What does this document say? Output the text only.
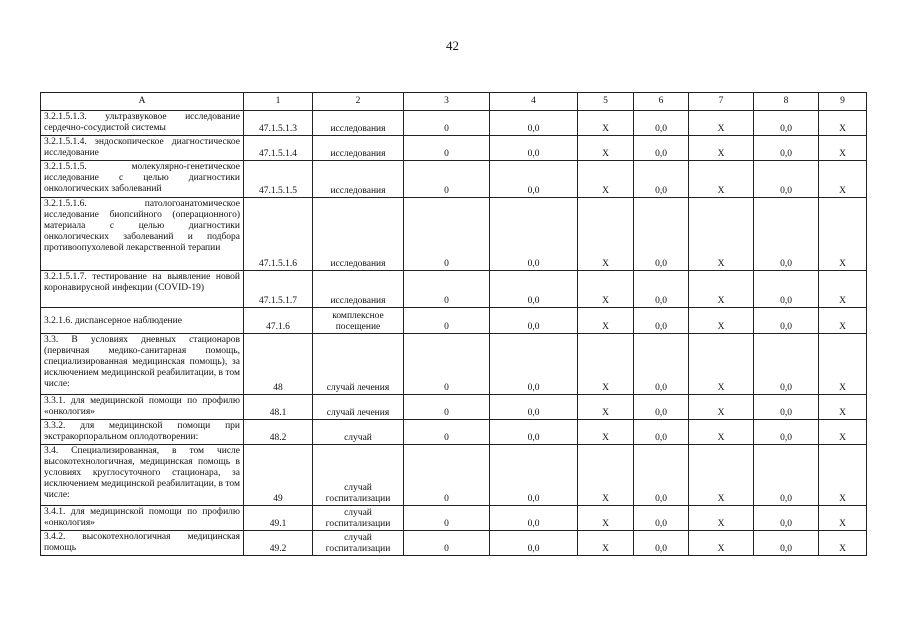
42
А	1	2	3	4	5	6	7	8	9
3.2.1.5.1.3. ультразвуковое исследование сердечно-сосудистой системы	47.1.5.1.3	исследования	0	0,0	Х	0,0	Х	0,0	Х
3.2.1.5.1.4. эндоскопическое диагностическое исследование	47.1.5.1.4	исследования	0	0,0	Х	0,0	Х	0,0	Х
3.2.1.5.1.5. молекулярно-генетическое исследование с целью диагностики онкологических заболеваний	47.1.5.1.5	исследования	0	0,0	Х	0,0	Х	0,0	Х
3.2.1.5.1.6. патологоанатомическое исследование биопсийного (операционного) материала с целью диагностики онкологических заболеваний и подбора противоопухолевой лекарственной терапии	47.1.5.1.6	исследования	0	0,0	Х	0,0	Х	0,0	Х
3.2.1.5.1.7. тестирование на выявление новой коронавирусной инфекции (COVID-19)	47.1.5.1.7	исследования	0	0,0	Х	0,0	Х	0,0	Х
3.2.1.6. диспансерное наблюдение	47.1.6	комплексное посещение	0	0,0	Х	0,0	Х	0,0	Х
3.3. В условиях дневных стационаров (первичная медико-санитарная помощь, специализированная медицинская помощь), за исключением медицинской реабилитации, в том числе:	48	случай лечения	0	0,0	Х	0,0	Х	0,0	Х
3.3.1. для медицинской помощи по профилю «онкология»	48.1	случай лечения	0	0,0	Х	0,0	Х	0,0	Х
3.3.2. для медицинской помощи при экстракорпоральном оплодотворении:	48.2	случай	0	0,0	Х	0,0	Х	0,0	Х
3.4. Специализированная, в том числе высокотехнологичная, медицинская помощь в условиях круглосуточного стационара, за исключением медицинской реабилитации, в том числе:	49	случай госпитализации	0	0,0	Х	0,0	Х	0,0	Х
3.4.1. для медицинской помощи по профилю «онкология»	49.1	случай госпитализации	0	0,0	Х	0,0	Х	0,0	Х
3.4.2. высокотехнологичная медицинская помощь	49.2	случай госпитализации	0	0,0	Х	0,0	Х	0,0	Х
